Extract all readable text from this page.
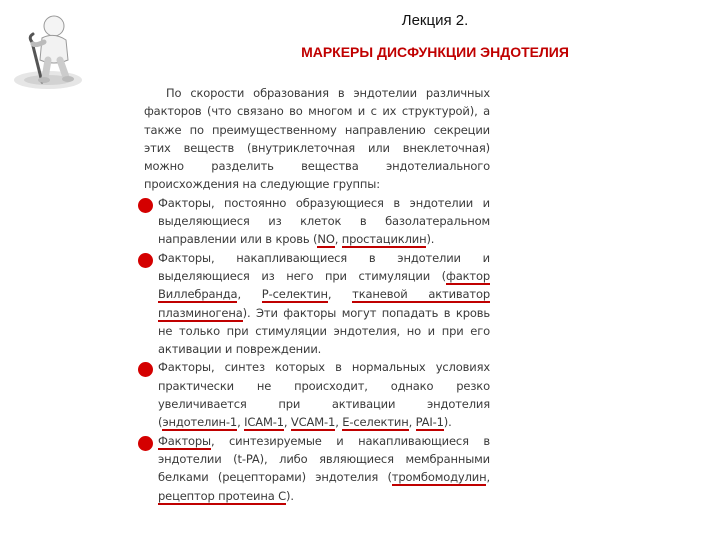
Лекция 2.
МАРКЕРЫ ДИСФУНКЦИИ ЭНДОТЕЛИЯ

По скорости образования в эндотелии различных факторов (что связано во многом и с их структурой), а также по преимущественному направлению секреции этих веществ (внутриклеточная или внеклеточная) можно разделить вещества эндотелиального происхождения на следующие группы:

Факторы, постоянно образующиеся в эндотелии и выделяющиеся из клеток в базолатеральном направлении или в кровь (NO, простациклин).

Факторы, накапливающиеся в эндотелии и выделяющиеся из него при стимуляции (фактор Виллебранда, Р-селектин, тканевой активатор плазминогена). Эти факторы могут попадать в кровь не только при стимуляции эндотелия, но и при его активации и повреждении.

Факторы, синтез которых в нормальных условиях практически не происходит, однако резко увеличивается при активации эндотелия (эндотелин-1, ICAM-1, VCAM-1, Е-селектин, PAI-1).

Факторы, синтезируемые и накапливающиеся в эндотелии (t-PA), либо являющиеся мембранными белками (рецепторами) эндотелия (тромбомодулин, рецептор протеина С).
